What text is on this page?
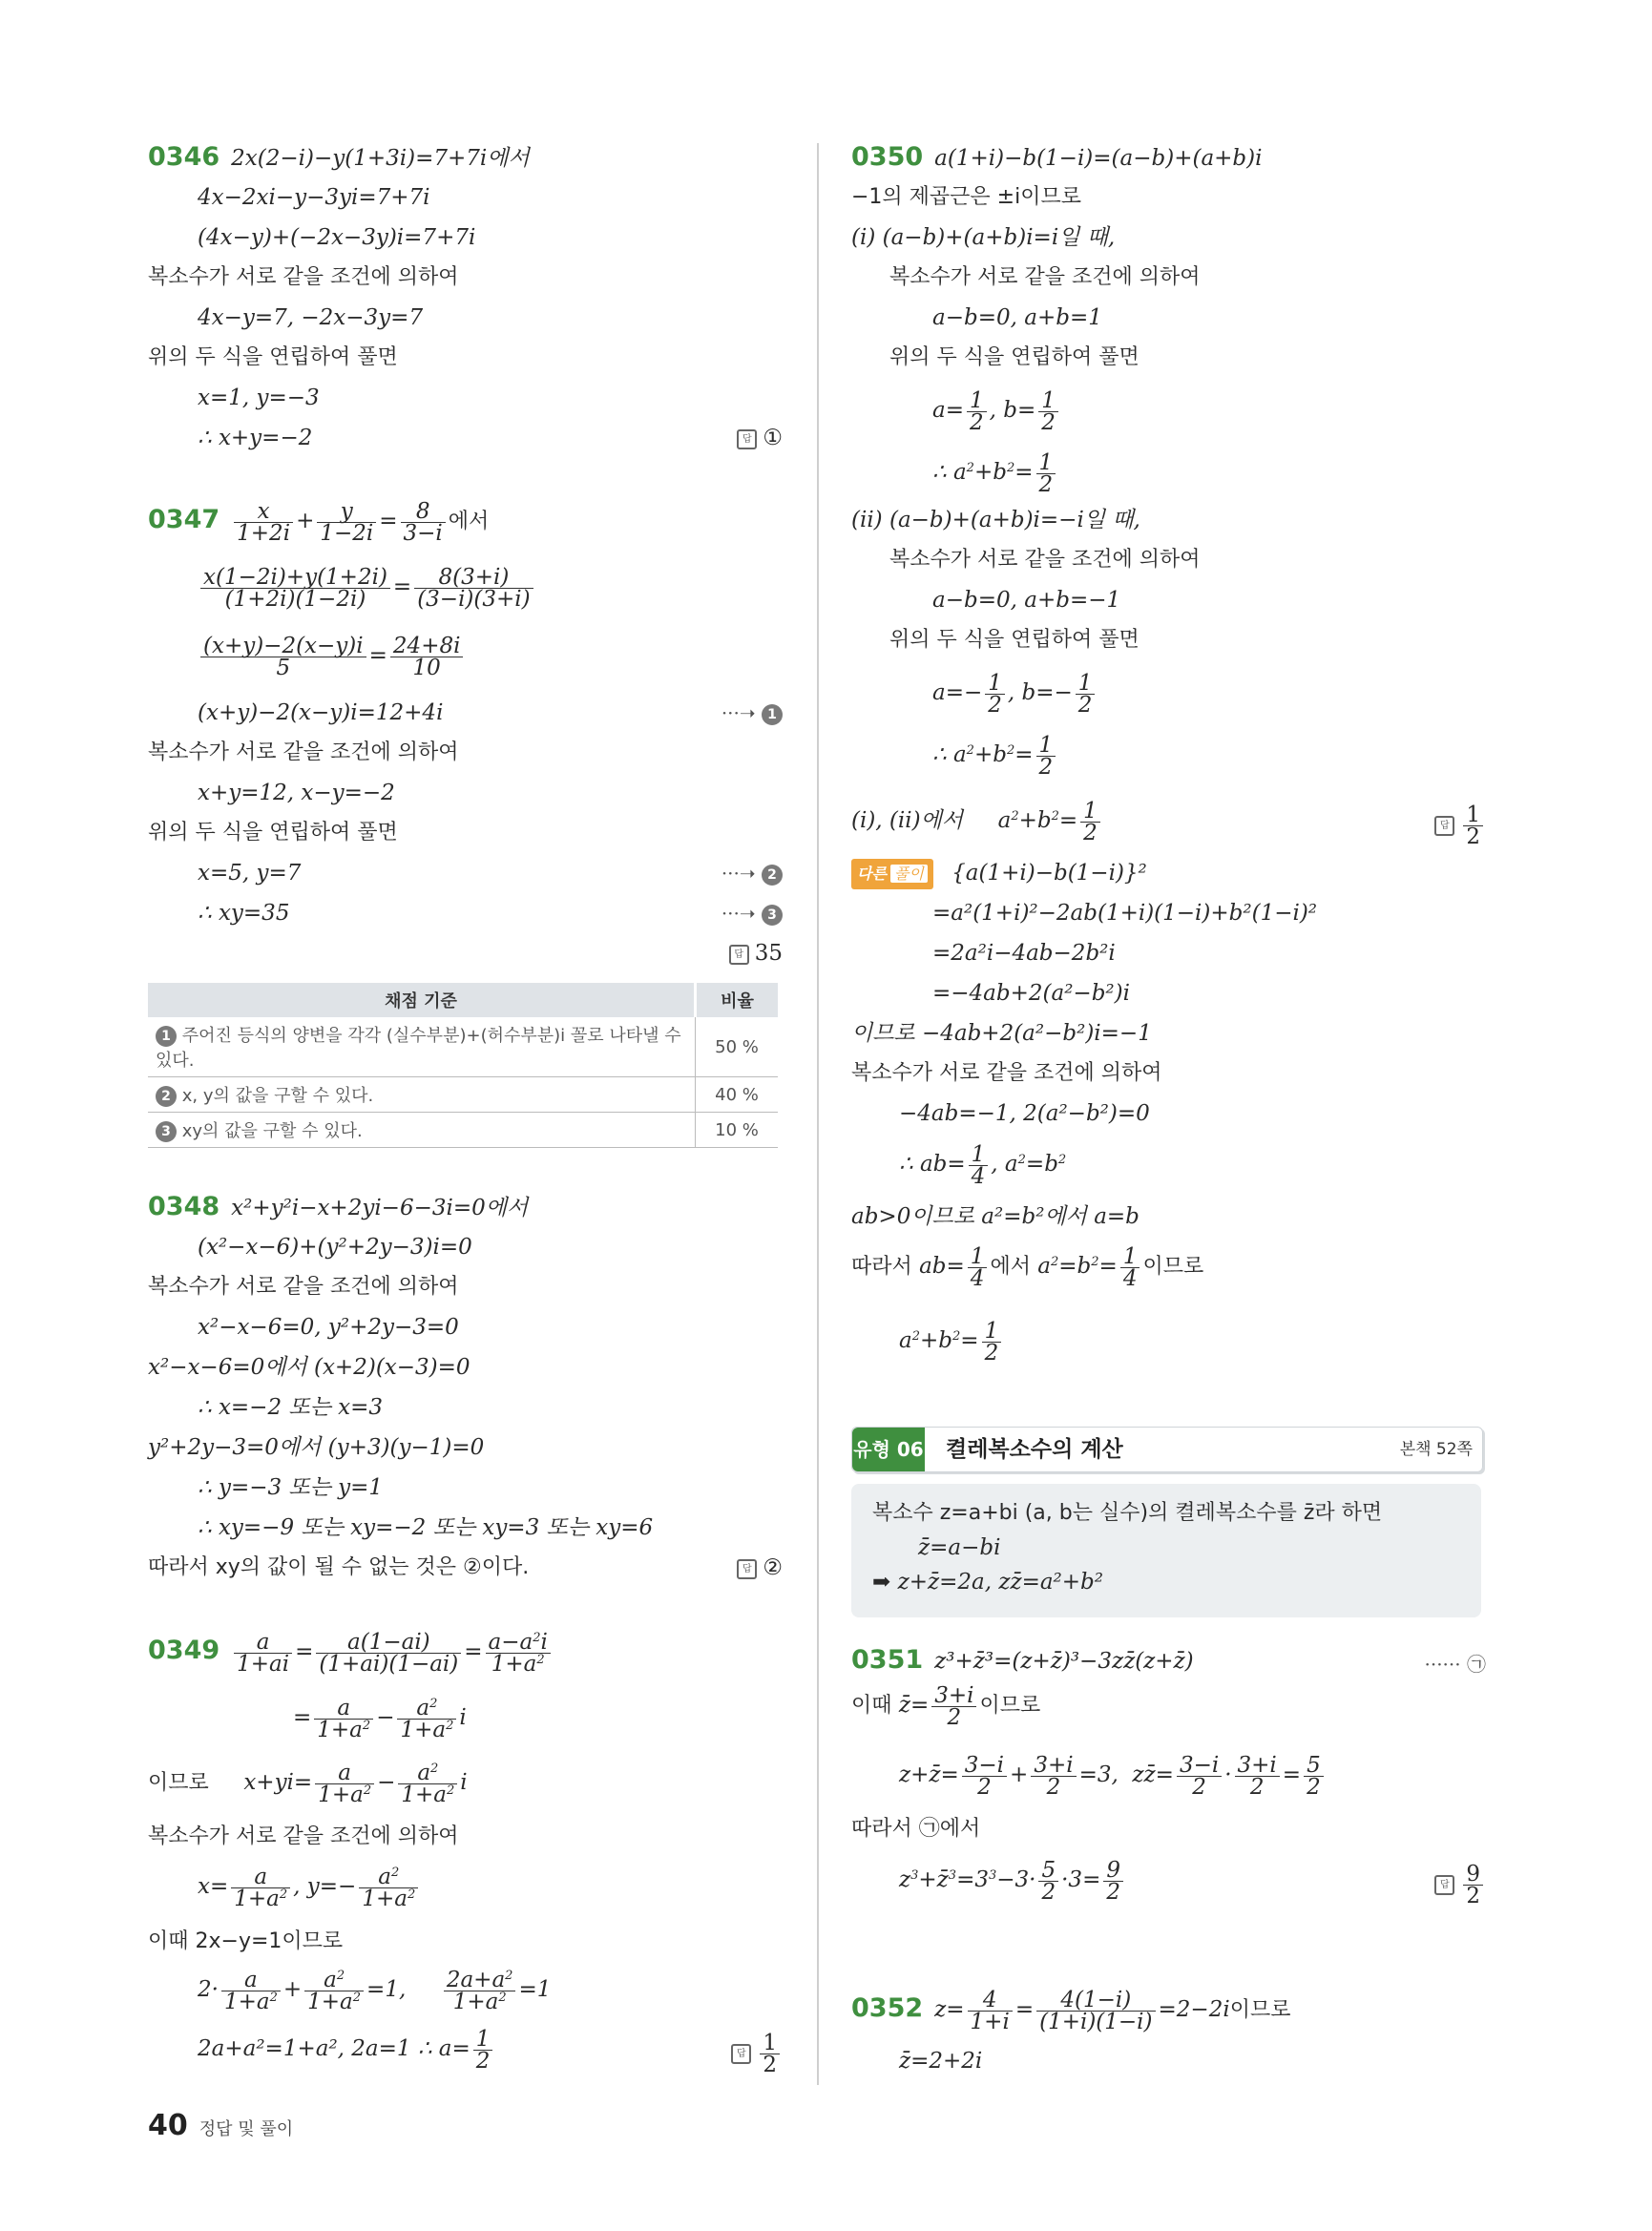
0346 2x(2−i)−y(1+3i)=7+7i에서
4x−2xi−y−3yi=7+7i
(4x−y)+(−2x−3y)i=7+7i
복소수가 서로 같을 조건에 의하여
4x−y=7, −2x−3y=7
위의 두 식을 연립하여 풀면
x=1, y=−3
∴ x+y=−2	답 ①
$0347 \frac{x}{1+2i} + \frac{y}{1-2i} = \frac{8}{3-i}$ 에서
$\frac{x(1-2i)+y(1+2i)}{(1+2i)(1-2i)} = \frac{8(3+i)}{(3-i)(3+i)}$
$\frac{(x+y)-2(x-y)i}{5} = \frac{24+8i}{10}$
(x+y)−2(x−y)i=12+4i	···➝ 1
복소수가 서로 같을 조건에 의하여
x+y=12, x−y=−2
위의 두 식을 연립하여 풀면
x=5, y=7	···➝ 2
∴ xy=35	···➝ 3
답 35
채점 기준	비율
1 주어진 등식의 양변을 각각 (실수부분)+(허수부분)i 꼴로 나타낼 수 있다.	50 %
2 x, y의 값을 구할 수 있다.	40 %
3 xy의 값을 구할 수 있다.	10 %
0348 x²+y²i−x+2yi−6−3i=0에서
(x²−x−6)+(y²+2y−3)i=0
복소수가 서로 같을 조건에 의하여
x²−x−6=0, y²+2y−3=0
x²−x−6=0에서 (x+2)(x−3)=0
∴ x=−2 또는 x=3
y²+2y−3=0에서 (y+3)(y−1)=0
∴ y=−3 또는 y=1
∴ xy=−9 또는 xy=−2 또는 xy=3 또는 xy=6
따라서 xy의 값이 될 수 없는 것은 ②이다.	답 ②
$0349 \frac{a}{1+ai} = \frac{a(1-ai)}{(1+ai)(1-ai)} = \frac{a-a^2i}{1+a^2}$
= $\frac{a}{1+a^2} - \frac{a^2}{1+a^2}$ i
이므로     $x+yi= \frac{a}{1+a^2} - \frac{a^2}{1+a^2}$ i
복소수가 서로 같을 조건에 의하여
$x= \frac{a}{1+a^2}$ , $y=- \frac{a^2}{1+a^2}$
이때 2x−y=1이므로
$2\cdot \frac{a}{1+a^2} + \frac{a^2}{1+a^2} =1$, $\frac{2a+a^2}{1+a^2} =1$
2a+a²=1+a², 2a=1 ∴ $a= \frac{1}{2}$	답 $\frac{1}{2}$
0350 a(1+i)−b(1−i)=(a−b)+(a+b)i
−1의 제곱근은 ±i이므로
(ⅰ) (a−b)+(a+b)i=i일 때,
복소수가 서로 같을 조건에 의하여
a−b=0, a+b=1
위의 두 식을 연립하여 풀면
$a= \frac{1}{2}$ , $b= \frac{1}{2}$
∴ $a^2+b^2= \frac{1}{2}$
(ⅱ) (a−b)+(a+b)i=−i일 때,
복소수가 서로 같을 조건에 의하여
a−b=0, a+b=−1
위의 두 식을 연립하여 풀면
$a=- \frac{1}{2}$ , $b=- \frac{1}{2}$
∴ $a^2+b^2= \frac{1}{2}$
(ⅰ), (ⅱ)에서     $a^2+b^2= \frac{1}{2}$	답 $\frac{1}{2}$
다른 풀이 {a(1+i)−b(1−i)}²
=a²(1+i)²−2ab(1+i)(1−i)+b²(1−i)²
=2a²i−4ab−2b²i
=−4ab+2(a²−b²)i
이므로 −4ab+2(a²−b²)i=−1
복소수가 서로 같을 조건에 의하여
−4ab=−1, 2(a²−b²)=0
∴ $ab= \frac{1}{4}$ , $a^2=b^2$
ab>0이므로 a²=b²에서 a=b
따라서 $ab= \frac{1}{4}$ 에서 $a^2=b^2= \frac{1}{4}$ 이므로
$a^2+b^2= \frac{1}{2}$
유형 06 켤레복소수의 계산	본책 52쪽
복소수 z=a+bi (a, b는 실수)의 켤레복소수를 z̄라 하면
z̄=a−bi
➡ z+z̄=2a, zz̄=a²+b²
0351 z³+z̄³=(z+z̄)³−3zz̄(z+z̄)	······ ㉠
이때 z̄= $\frac{3+i}{2}$ 이므로
z+z̄= $\frac{3-i}{2} + \frac{3+i}{2} =3$,  zz̄= $\frac{3-i}{2} \cdot \frac{3+i}{2} = \frac{5}{2}$
따라서 ㉠에서
$z^3+z̄^3=3^3-3\cdot \frac{5}{2} \cdot 3= \frac{9}{2}$	답 $\frac{9}{2}$
0352 $z= \frac{4}{1+i} = \frac{4(1-i)}{(1+i)(1-i)} =2-2i$이므로
z̄=2+2i
40 정답 및 풀이
